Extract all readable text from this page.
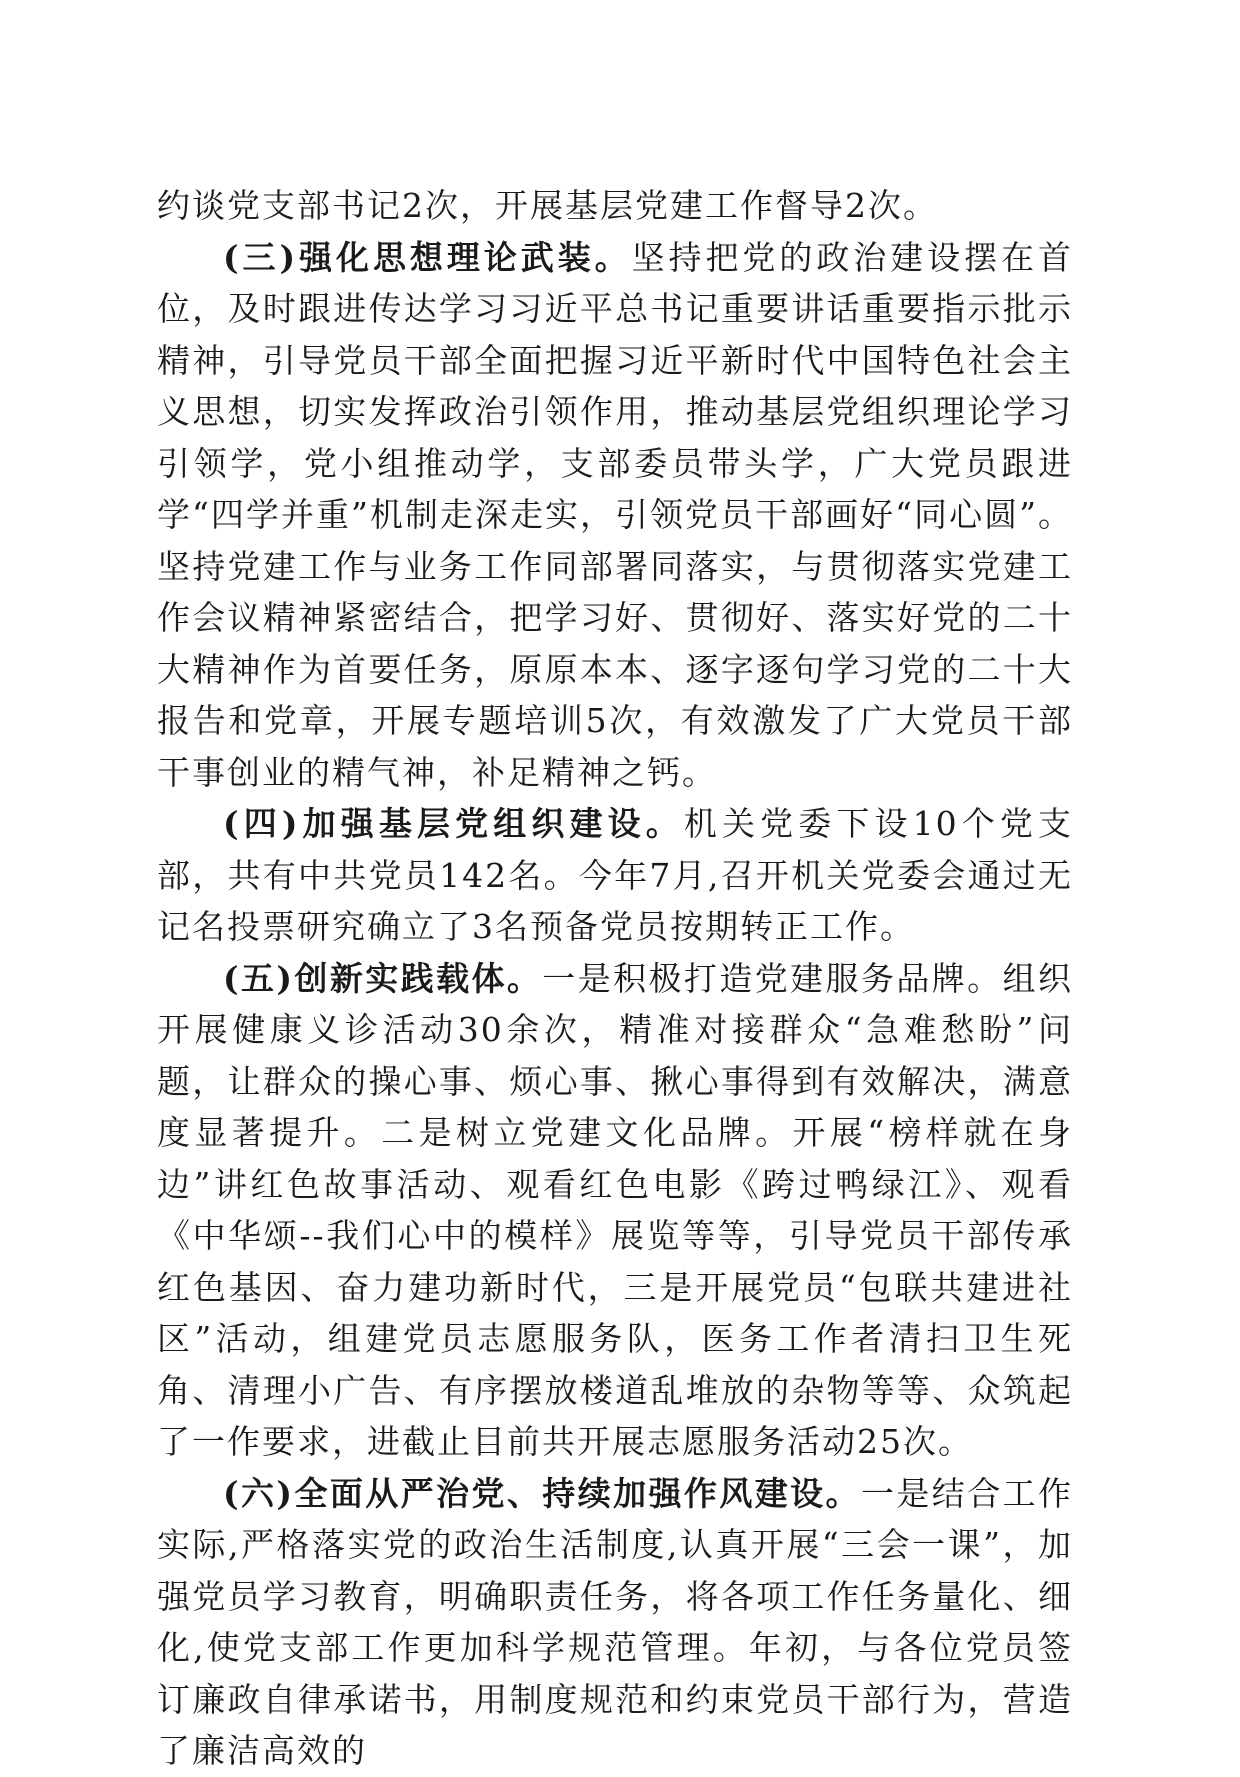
约谈党支部书记2次，开展基层党建工作督导2次。

(三)强化思想理论武装。坚持把党的政治建设摆在首位，及时跟进传达学习习近平总书记重要讲话重要指示批示精神，引导党员干部全面把握习近平新时代中国特色社会主义思想，切实发挥政治引领作用，推动基层党组织理论学习引领学，党小组推动学，支部委员带头学，广大党员跟进学“四学并重”机制走深走实，引领党员干部画好“同心圆”。坚持党建工作与业务工作同部署同落实，与贯彻落实党建工作会议精神紧密结合，把学习好、贯彻好、落实好党的二十大精神作为首要任务，原原本本、逐字逐句学习党的二十大报告和党章，开展专题培训5次，有效激发了广大党员干部干事创业的精气神，补足精神之钙。

(四)加强基层党组织建设。机关党委下设10个党支部，共有中共党员142名。今年7月,召开机关党委会通过无记名投票研究确立了3名预备党员按期转正工作。

(五)创新实践载体。一是积极打造党建服务品牌。组织开展健康义诊活动30余次，精准对接群众“急难愁盼”问题，让群众的操心事、烦心事、揪心事得到有效解决，满意度显著提升。二是树立党建文化品牌。开展“榜样就在身边”讲红色故事活动、观看红色电影《跨过鸭绿江》、观看《中华颂--我们心中的模样》展览等等，引导党员干部传承红色基因、奋力建功新时代，三是开展党员“包联共建进社区”活动，组建党员志愿服务队，医务工作者清扫卫生死角、清理小广告、有序摆放楼道乱堆放的杂物等等、众筑起了一作要求，进截止目前共开展志愿服务活动25次。

(六)全面从严治党、持续加强作风建设。一是结合工作实际,严格落实党的政治生活制度,认真开展“三会一课”，加强党员学习教育，明确职责任务，将各项工作任务量化、细化,使党支部工作更加科学规范管理。年初，与各位党员签订廉政自律承诺书，用制度规范和约束党员干部行为，营造了廉洁高效的
